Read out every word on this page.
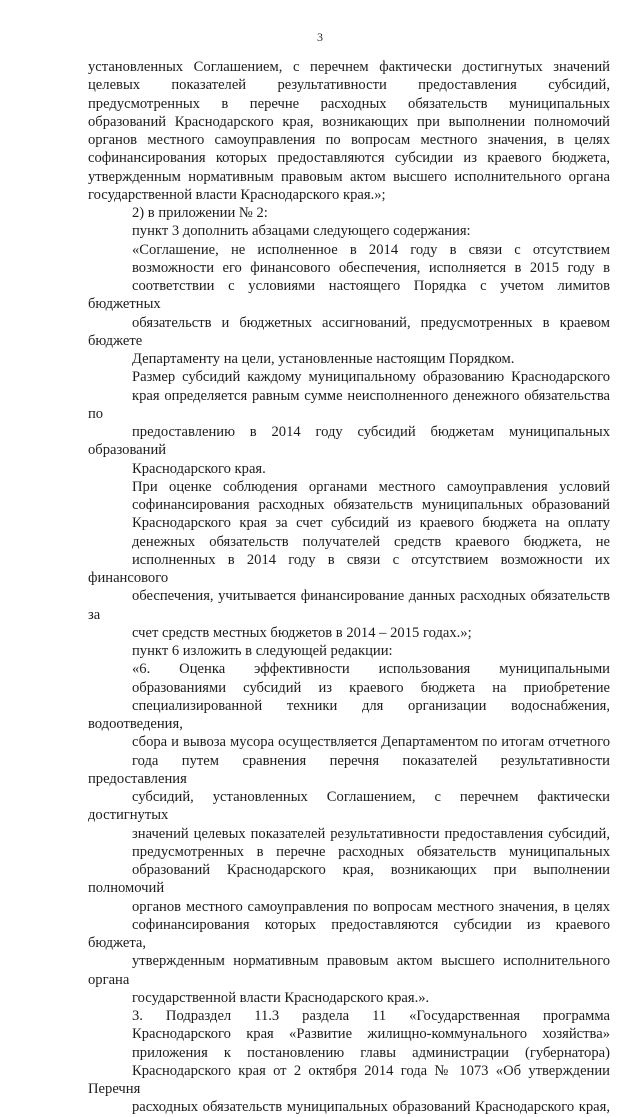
3
установленных Соглашением, с перечнем фактически достигнутых значений
целевых показателей результативности предоставления субсидий,
предусмотренных в перечне расходных обязательств муниципальных
образований Краснодарского края, возникающих при выполнении полномочий
органов местного самоуправления по вопросам местного значения, в целях
софинансирования которых предоставляются субсидии из краевого бюджета,
утвержденным нормативным правовым актом высшего исполнительного органа
государственной власти Краснодарского края.»;
2) в приложении № 2:
пункт 3 дополнить абзацами следующего содержания:
«Соглашение, не исполненное в 2014 году в связи с отсутствием
возможности его финансового обеспечения, исполняется в 2015 году в
соответствии с условиями настоящего Порядка с учетом лимитов бюджетных
обязательств и бюджетных ассигнований, предусмотренных в краевом бюджете
Департаменту на цели, установленные настоящим Порядком.
Размер субсидий каждому муниципальному образованию Краснодарского
края определяется равным сумме неисполненного денежного обязательства по
предоставлению в 2014 году субсидий бюджетам муниципальных образований
Краснодарского края.
При оценке соблюдения органами местного самоуправления условий
софинансирования расходных обязательств муниципальных образований
Краснодарского края за счет субсидий из краевого бюджета на оплату
денежных обязательств получателей средств краевого бюджета, не
исполненных в 2014 году в связи с отсутствием возможности их финансового
обеспечения, учитывается финансирование данных расходных обязательств за
счет средств местных бюджетов в 2014 – 2015 годах.»;
пункт 6 изложить в следующей редакции:
«6. Оценка эффективности использования муниципальными
образованиями субсидий из краевого бюджета на приобретение
специализированной техники для организации водоснабжения, водоотведения,
сбора и вывоза мусора осуществляется Департаментом по итогам отчетного
года путем сравнения перечня показателей результативности предоставления
субсидий, установленных Соглашением, с перечнем фактически достигнутых
значений целевых показателей результативности предоставления субсидий,
предусмотренных в перечне расходных обязательств муниципальных
образований Краснодарского края, возникающих при выполнении полномочий
органов местного самоуправления по вопросам местного значения, в целях
софинансирования которых предоставляются субсидии из краевого бюджета,
утвержденным нормативным правовым актом высшего исполнительного органа
государственной власти Краснодарского края.».
3. Подраздел 11.3 раздела 11 «Государственная программа
Краснодарского края «Развитие жилищно-коммунального хозяйства»
приложения к постановлению главы администрации (губернатора)
Краснодарского края от 2 октября 2014 года № 1073 «Об утверждении Перечня
расходных обязательств муниципальных образований Краснодарского края,
